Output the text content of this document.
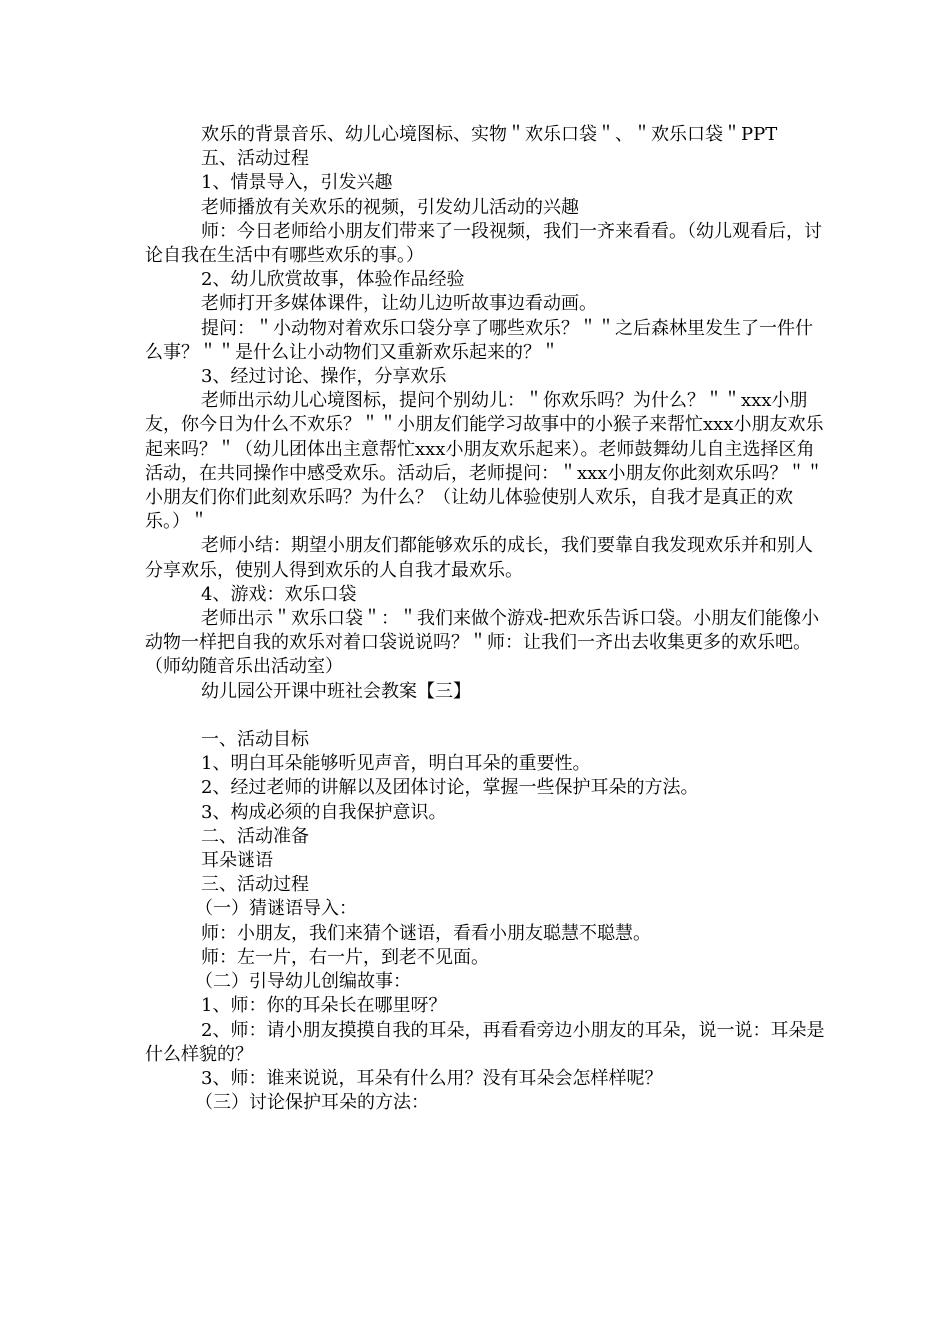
欢乐的背景音乐、幼儿心境图标、实物＂欢乐口袋＂、＂欢乐口袋＂PPT

五、活动过程

1、情景导入，引发兴趣

老师播放有关欢乐的视频，引发幼儿活动的兴趣

师：今日老师给小朋友们带来了一段视频，我们一齐来看看。（幼儿观看后，讨论自我在生活中有哪些欢乐的事。）

2、幼儿欣赏故事，体验作品经验

老师打开多媒体课件，让幼儿边听故事边看动画。

提问：＂小动物对着欢乐口袋分享了哪些欢乐？＂＂之后森林里发生了一件什么事？＂＂是什么让小动物们又重新欢乐起来的？＂

3、经过讨论、操作，分享欢乐

老师出示幼儿心境图标，提问个别幼儿：＂你欢乐吗？为什么？＂＂xxx小朋友，你今日为什么不欢乐？＂＂小朋友们能学习故事中的小猴子来帮忙xxx小朋友欢乐起来吗？＂（幼儿团体出主意帮忙xxx小朋友欢乐起来）。老师鼓舞幼儿自主选择区角活动，在共同操作中感受欢乐。活动后，老师提问：＂xxx小朋友你此刻欢乐吗？＂＂小朋友们你们此刻欢乐吗？为什么？（让幼儿体验使别人欢乐，自我才是真正的欢乐。）＂

老师小结：期望小朋友们都能够欢乐的成长，我们要靠自我发现欢乐并和别人分享欢乐，使别人得到欢乐的人自我才最欢乐。

4、游戏：欢乐口袋

老师出示＂欢乐口袋＂：＂我们来做个游戏-把欢乐告诉口袋。小朋友们能像小动物一样把自我的欢乐对着口袋说说吗？＂师：让我们一齐出去收集更多的欢乐吧。（师幼随音乐出活动室）

幼儿园公开课中班社会教案【三】

一、活动目标

1、明白耳朵能够听见声音，明白耳朵的重要性。

2、经过老师的讲解以及团体讨论，掌握一些保护耳朵的方法。

3、构成必须的自我保护意识。

二、活动准备

耳朵谜语

三、活动过程

（一）猜谜语导入：

师：小朋友，我们来猜个谜语，看看小朋友聪慧不聪慧。

师：左一片，右一片，到老不见面。

（二）引导幼儿创编故事：

1、师：你的耳朵长在哪里呀？

2、师：请小朋友摸摸自我的耳朵，再看看旁边小朋友的耳朵，说一说：耳朵是什么样貌的？

3、师：谁来说说，耳朵有什么用？没有耳朵会怎样样呢？

（三）讨论保护耳朵的方法：
